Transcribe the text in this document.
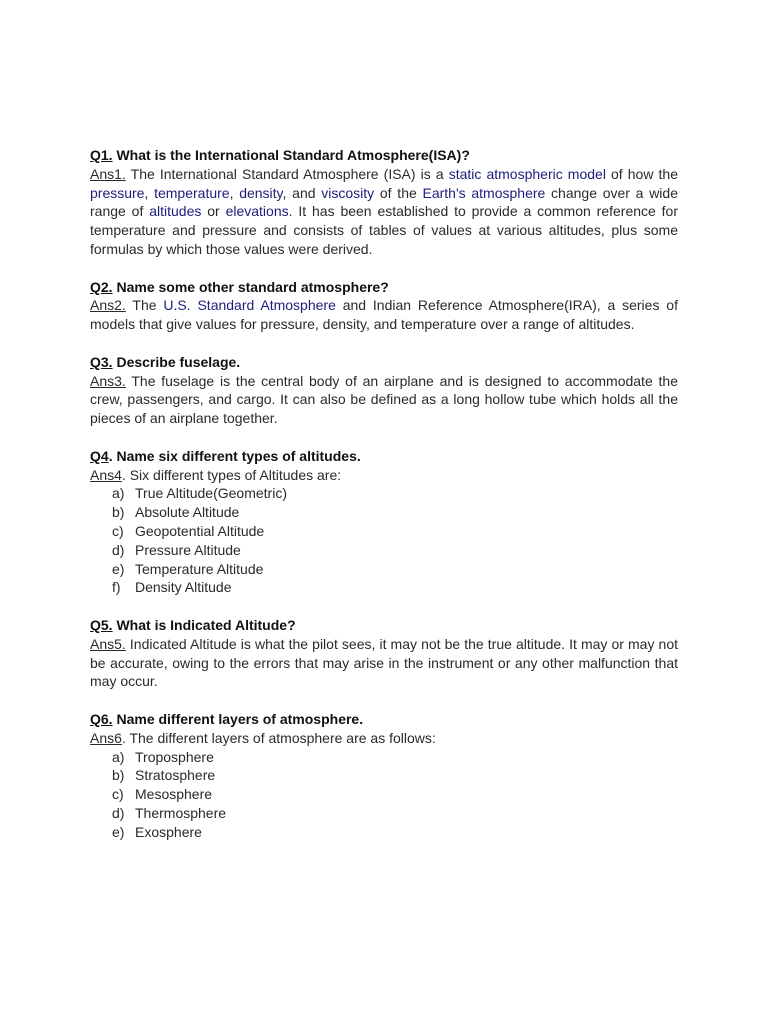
Q1. What is the International Standard Atmosphere(ISA)?
Ans1. The International Standard Atmosphere (ISA) is a static atmospheric model of how the pressure, temperature, density, and viscosity of the Earth's atmosphere change over a wide range of altitudes or elevations. It has been established to provide a common reference for temperature and pressure and consists of tables of values at various altitudes, plus some formulas by which those values were derived.
Q2. Name some other standard atmosphere?
Ans2. The U.S. Standard Atmosphere and Indian Reference Atmosphere(IRA), a series of models that give values for pressure, density, and temperature over a range of altitudes.
Q3. Describe fuselage.
Ans3. The fuselage is the central body of an airplane and is designed to accommodate the crew, passengers, and cargo. It can also be defined as a long hollow tube which holds all the pieces of an airplane together.
Q4. Name six different types of altitudes.
Ans4. Six different types of Altitudes are:
a) True Altitude(Geometric)
b) Absolute Altitude
c) Geopotential Altitude
d) Pressure Altitude
e) Temperature Altitude
f)	Density Altitude
Q5. What is Indicated Altitude?
Ans5. Indicated Altitude is what the pilot sees, it may not be the true altitude. It may or may not be accurate, owing to the errors that may arise in the instrument or any other malfunction that may occur.
Q6. Name different layers of atmosphere.
Ans6. The different layers of atmosphere are as follows:
a) Troposphere
b) Stratosphere
c) Mesosphere
d) Thermosphere
e) Exosphere
